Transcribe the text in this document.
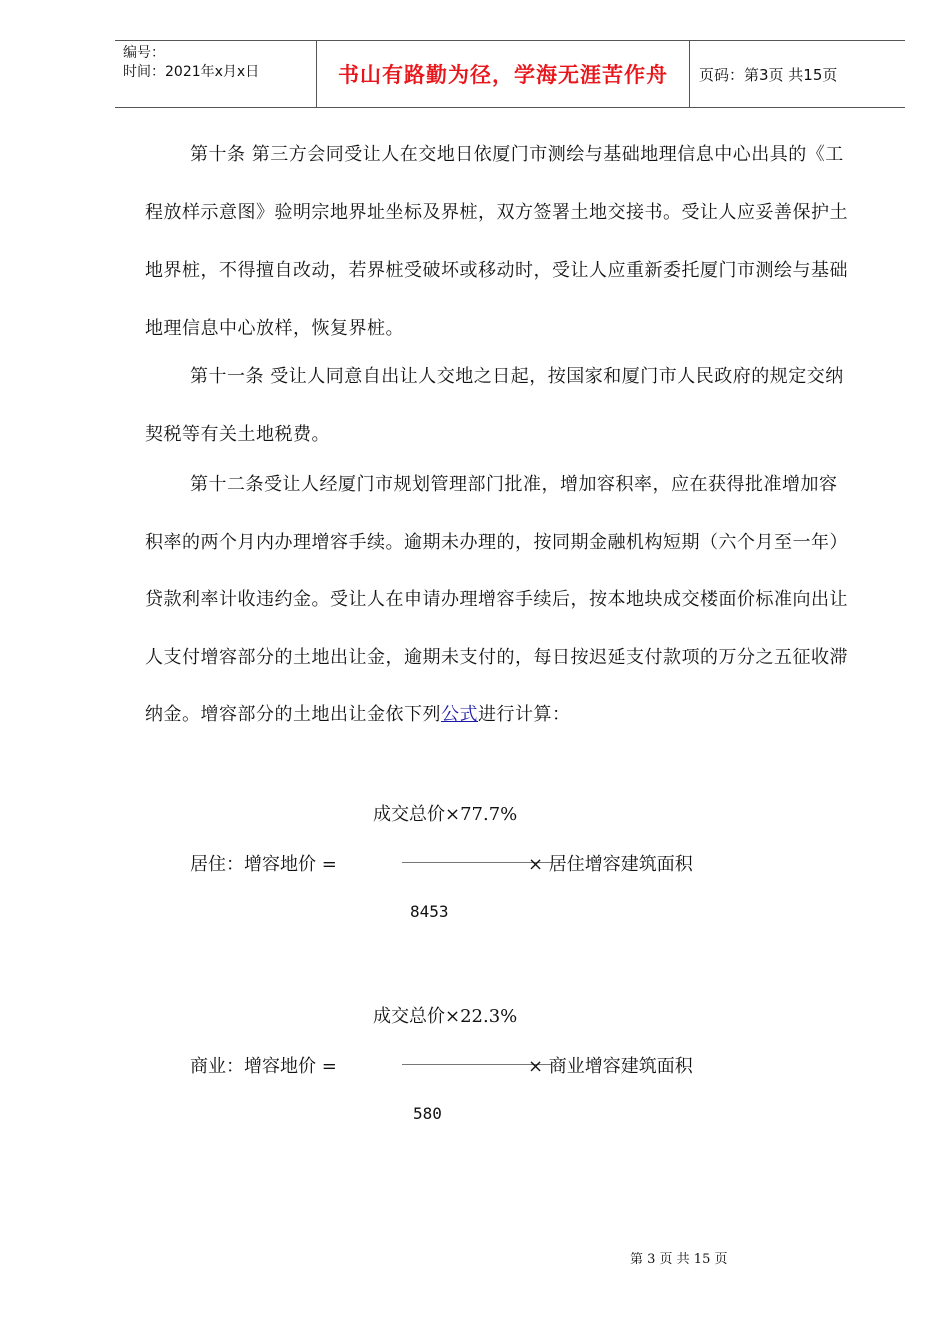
编号：
时间：2021年x月x日	书山有路勤为径，学海无涯苦作舟 页码：第3页 共15页
第十条 第三方会同受让人在交地日依厦门市测绘与基础地理信息中心出具的《工
程放样示意图》验明宗地界址坐标及界桩，双方签署土地交接书。受让人应妥善保护土
地界桩，不得擅自改动，若界桩受破坏或移动时，受让人应重新委托厦门市测绘与基础
地理信息中心放样，恢复界桩。
第十一条 受让人同意自出让人交地之日起，按国家和厦门市人民政府的规定交纳
契税等有关土地税费。
第十二条受让人经厦门市规划管理部门批准，增加容积率，应在获得批准增加容
积率的两个月内办理增容手续。逾期未办理的，按同期金融机构短期（六个月至一年）
贷款利率计收违约金。受让人在申请办理增容手续后，按本地块成交楼面价标准向出让
人支付增容部分的土地出让金，逾期未支付的，每日按迟延支付款项的万分之五征收滞
纳金。增容部分的土地出让金依下列公式进行计算：
成交总价×77.7%
居住：增容地价 =	× 居住增容建筑面积
8453
成交总价×22.3%
商业：增容地价 =	× 商业增容建筑面积
580
第 3 页 共 15 页
